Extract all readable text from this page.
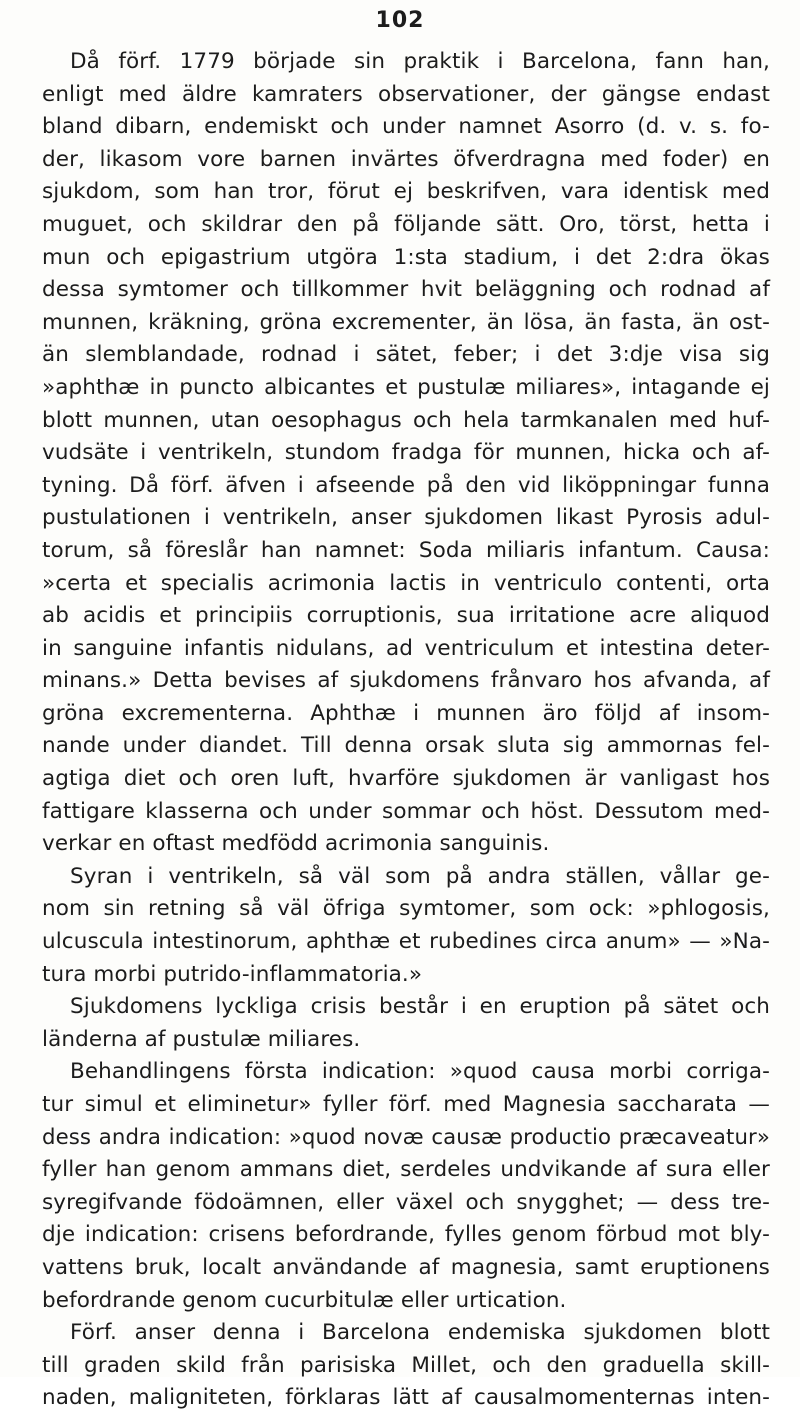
102
Då förf. 1779 började sin praktik i Barcelona, fann han,
enligt med äldre kamraters observationer, der gängse endast
bland dibarn, endemiskt och under namnet Asorro (d. v. s. fo-
der, likasom vore barnen invärtes öfverdragna med foder) en
sjukdom, som han tror, förut ej beskrifven, vara identisk med
muguet, och skildrar den på följande sätt. Oro, törst, hetta i
mun och epigastrium utgöra 1:sta stadium, i det 2:dra ökas
dessa symtomer och tillkommer hvit beläggning och rodnad af
munnen, kräkning, gröna excrementer, än lösa, än fasta, än ost-
än slemblandade, rodnad i sätet, feber; i det 3:dje visa sig
»aphthæ in puncto albicantes et pustulæ miliares», intagande ej
blott munnen, utan oesophagus och hela tarmkanalen med huf-
vudsäte i ventrikeln, stundom fradga för munnen, hicka och af-
tyning. Då förf. äfven i afseende på den vid liköppningar funna
pustulationen i ventrikeln, anser sjukdomen likast Pyrosis adul-
torum, så föreslår han namnet: Soda miliaris infantum. Causa:
»certa et specialis acrimonia lactis in ventriculo contenti, orta
ab acidis et principiis corruptionis, sua irritatione acre aliquod
in sanguine infantis nidulans, ad ventriculum et intestina deter-
minans.» Detta bevises af sjukdomens frånvaro hos afvanda, af
gröna excrementerna. Aphthæ i munnen äro följd af insom-
nande under diandet. Till denna orsak sluta sig ammornas fel-
agtiga diet och oren luft, hvarföre sjukdomen är vanligast hos
fattigare klasserna och under sommar och höst. Dessutom med-
verkar en oftast medfödd acrimonia sanguinis.
Syran i ventrikeln, så väl som på andra ställen, vållar ge-
nom sin retning så väl öfriga symtomer, som ock: »phlogosis,
ulcuscula intestinorum, aphthæ et rubedines circa anum» — »Na-
tura morbi putrido-inflammatoria.»
Sjukdomens lyckliga crisis består i en eruption på sätet och
länderna af pustulæ miliares.
Behandlingens första indication: »quod causa morbi corriga-
tur simul et eliminetur» fyller förf. med Magnesia saccharata —
dess andra indication: »quod novæ causæ productio præcaveatur»
fyller han genom ammans diet, serdeles undvikande af sura eller
syregifvande födoämnen, eller växel och snygghet; — dess tre-
dje indication: crisens befordrande, fylles genom förbud mot bly-
vattens bruk, localt användande af magnesia, samt eruptionens
befordrande genom cucurbitulæ eller urtication.
Förf. anser denna i Barcelona endemiska sjukdomen blott
till graden skild från parisiska Millet, och den graduella skill-
naden, maligniteten, förklaras lätt af causalmomenternas inten-
